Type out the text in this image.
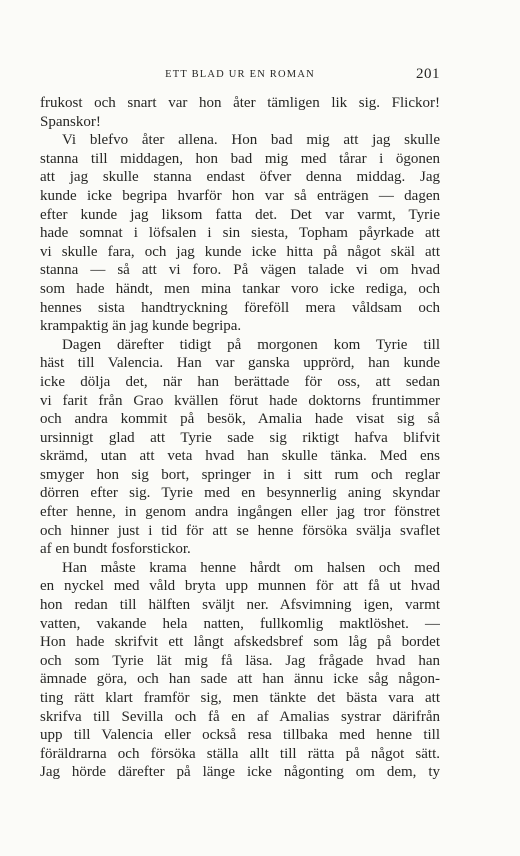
ETT BLAD UR EN ROMAN	201
frukost och snart var hon åter tämligen lik sig. Flickor!
Spanskor!
Vi blefvo åter allena. Hon bad mig att jag skulle
stanna till middagen, hon bad mig med tårar i ögonen
att jag skulle stanna endast öfver denna middag. Jag
kunde icke begripa hvarför hon var så enträgen — dagen
efter kunde jag liksom fatta det. Det var varmt, Tyrie
hade somnat i löfsalen i sin siesta, Topham påyrkade att
vi skulle fara, och jag kunde icke hitta på något skäl att
stanna — så att vi foro. På vägen talade vi om hvad
som hade händt, men mina tankar voro icke rediga, och
hennes sista handtryckning föreföll mera våldsam och
krampaktig än jag kunde begripa.
Dagen därefter tidigt på morgonen kom Tyrie till
häst till Valencia. Han var ganska upprörd, han kunde
icke dölja det, när han berättade för oss, att sedan
vi farit från Grao kvällen förut hade doktorns fruntimmer
och andra kommit på besök, Amalia hade visat sig så
ursinnigt glad att Tyrie sade sig riktigt hafva blifvit
skrämd, utan att veta hvad han skulle tänka. Med ens
smyger hon sig bort, springer in i sitt rum och reglar
dörren efter sig. Tyrie med en besynnerlig aning skyndar
efter henne, in genom andra ingången eller jag tror fönstret
och hinner just i tid för att se henne försöka svälja svaflet
af en bundt fosforstickor.
Han måste krama henne hårdt om halsen och med
en nyckel med våld bryta upp munnen för att få ut hvad
hon redan till hälften sväljt ner. Afsvimning igen, varmt
vatten, vakande hela natten, fullkomlig maktlöshet. —
Hon hade skrifvit ett långt afskedsbref som låg på bordet
och som Tyrie lät mig få läsa. Jag frågade hvad han
ämnade göra, och han sade att han ännu icke såg någon-
ting rätt klart framför sig, men tänkte det bästa vara att
skrifva till Sevilla och få en af Amalias systrar därifrån
upp till Valencia eller också resa tillbaka med henne till
föräldrarna och försöka ställa allt till rätta på något sätt.
Jag hörde därefter på länge icke någonting om dem, ty
